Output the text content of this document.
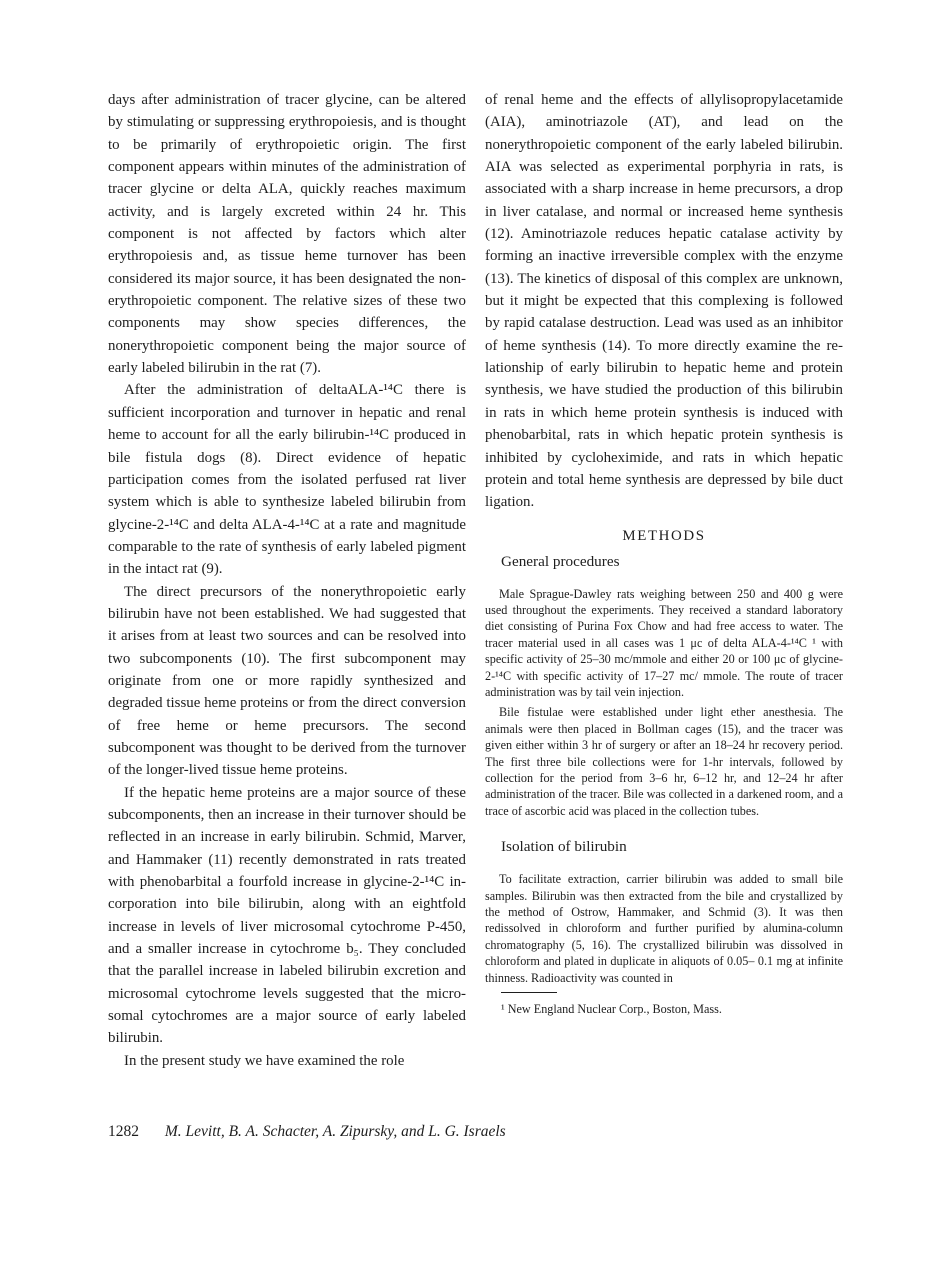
days after administration of tracer glycine, can be altered by stimulating or suppressing erythropoiesis, and is thought to be primarily of erythropoietic origin. The first component appears within minutes of the administration of tracer glycine or delta ALA, quickly reaches maximum activity, and is largely excreted within 24 hr. This component is not affected by factors which alter erythropoiesis and, as tissue heme turnover has been considered its major source, it has been designated the nonerythropoietic component. The relative sizes of these two components may show species differences, the nonerythropoietic component being the major source of early labeled bilirubin in the rat (7).

After the administration of deltaALA-¹⁴C there is sufficient incorporation and turnover in hepatic and renal heme to account for all the early bilirubin-¹⁴C produced in bile fistula dogs (8). Direct evidence of hepatic participation comes from the isolated perfused rat liver system which is able to synthesize labeled bilirubin from glycine-2-¹⁴C and delta ALA-4-¹⁴C at a rate and magnitude comparable to the rate of synthesis of early labeled pigment in the intact rat (9).

The direct precursors of the nonerythropoietic early bilirubin have not been established. We had suggested that it arises from at least two sources and can be resolved into two subcomponents (10). The first subcomponent may originate from one or more rapidly synthesized and degraded tissue heme proteins or from the direct conversion of free heme or heme precursors. The second subcomponent was thought to be derived from the turnover of the longer-lived tissue heme proteins.

If the hepatic heme proteins are a major source of these subcomponents, then an increase in their turnover should be reflected in an increase in early bilirubin. Schmid, Marver, and Hammaker (11) recently demonstrated in rats treated with phenobarbital a fourfold increase in glycine-2-¹⁴C incorporation into bile bilirubin, along with an eightfold increase in levels of liver microsomal cytochrome P-450, and a smaller increase in cytochrome b₅. They concluded that the parallel increase in labeled bilirubin excretion and microsomal cytochrome levels suggested that the microsomal cytochromes are a major source of early labeled bilirubin.

In the present study we have examined the role

of renal heme and the effects of allylisopropylacetamide (AIA), aminotriazole (AT), and lead on the nonerythropoietic component of the early labeled bilirubin. AIA was selected as experimental porphyria in rats, is associated with a sharp increase in heme precursors, a drop in liver catalase, and normal or increased heme synthesis (12). Aminotriazole reduces hepatic catalase activity by forming an inactive irreversible complex with the enzyme (13). The kinetics of disposal of this complex are unknown, but it might be expected that this complexing is followed by rapid catalase destruction. Lead was used as an inhibitor of heme synthesis (14). To more directly examine the relationship of early bilirubin to hepatic heme and protein synthesis, we have studied the production of this bilirubin in rats in which heme protein synthesis is induced with phenobarbital, rats in which hepatic protein synthesis is inhibited by cycloheximide, and rats in which hepatic protein and total heme synthesis are depressed by bile duct ligation.

METHODS
General procedures

Male Sprague-Dawley rats weighing between 250 and 400 g were used throughout the experiments. They received a standard laboratory diet consisting of Purina Fox Chow and had free access to water. The tracer material used in all cases was 1 μc of delta ALA-4-¹⁴C ¹ with specific activity of 25–30 mc/mmole and either 20 or 100 μc of glycine-2-¹⁴C with specific activity of 17–27 mc/ mmole. The route of tracer administration was by tail vein injection.

Bile fistulae were established under light ether anesthesia. The animals were then placed in Bollman cages (15), and the tracer was given either within 3 hr of surgery or after an 18–24 hr recovery period. The first three bile collections were for 1-hr intervals, followed by collection for the period from 3–6 hr, 6–12 hr, and 12–24 hr after administration of the tracer. Bile was collected in a darkened room, and a trace of ascorbic acid was placed in the collection tubes.

Isolation of bilirubin

To facilitate extraction, carrier bilirubin was added to small bile samples. Bilirubin was then extracted from the bile and crystallized by the method of Ostrow, Hammaker, and Schmid (3). It was then redissolved in chloroform and further purified by alumina-column chromatography (5, 16). The crystallized bilirubin was dissolved in chloroform and plated in duplicate in aliquots of 0.05– 0.1 mg at infinite thinness. Radioactivity was counted in

¹ New England Nuclear Corp., Boston, Mass.
1282 M. Levitt, B. A. Schacter, A. Zipursky, and L. G. Israels
